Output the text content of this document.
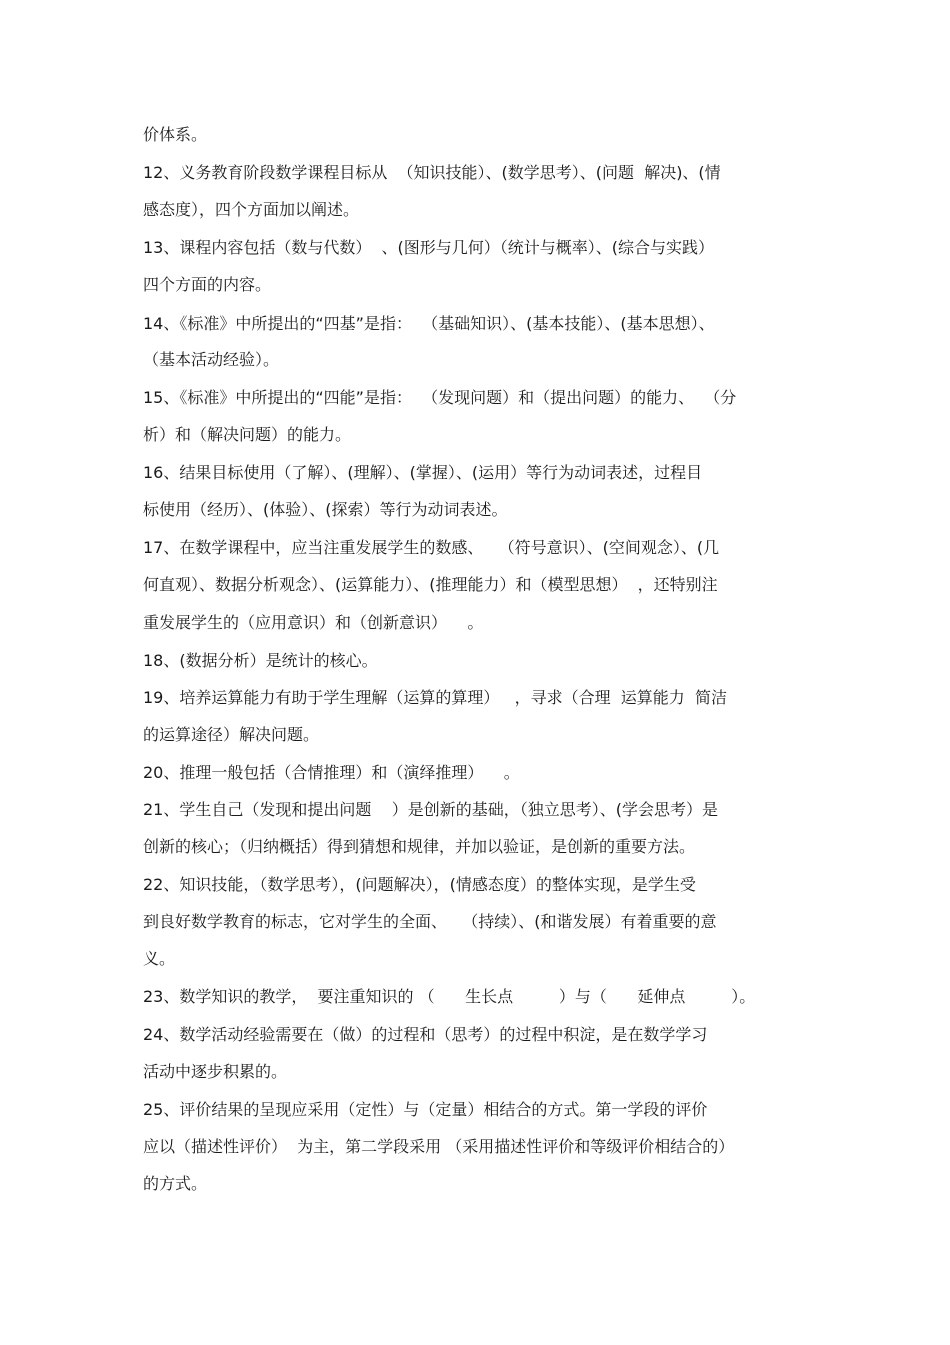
价体系。

12、义务教育阶段数学课程目标从  （知识技能）、(数学思考）、(问题  解决)、(情

感态度），四个方面加以阐述。

13、课程内容包括（数与代数）  、(图形与几何）（统计与概率）、(综合与实践）

四个方面的内容。

14、《标准》中所提出的“四基”是指：  （基础知识）、(基本技能）、(基本思想）、

（基本活动经验）。

15、《标准》中所提出的“四能”是指：  （发现问题）和（提出问题）的能力、  （分

析）和（解决问题）的能力。

16、结果目标使用（了解）、(理解）、(掌握）、(运用）等行为动词表述，过程目

标使用（经历）、(体验）、(探索）等行为动词表述。

17、在数学课程中，应当注重发展学生的数感、   （符号意识）、(空间观念）、(几

何直观）、数据分析观念）、(运算能力）、(推理能力）和（模型思想）  ，还特别注

重发展学生的（应用意识）和（创新意识）    。

18、(数据分析）是统计的核心。

19、培养运算能力有助于学生理解（运算的算理）   ，寻求（合理  运算能力  简洁

的运算途径）解决问题。

20、推理一般包括（合情推理）和（演绎推理）    。

21、学生自己（发现和提出问题    ）是创新的基础，（独立思考）、(学会思考）是

创新的核心；（归纳概括）得到猜想和规律，并加以验证，是创新的重要方法。

22、知识技能，（数学思考），(问题解决），(情感态度）的整体实现，是学生受

到良好数学教育的标志，它对学生的全面、   （持续）、(和谐发展）有着重要的意

义。

23、数学知识的教学，  要注重知识的 （      生长点         ）与（      延伸点         ）。

24、数学活动经验需要在（做）的过程和（思考）的过程中积淀，是在数学学习

活动中逐步积累的。

25、评价结果的呈现应采用（定性）与（定量）相结合的方式。第一学段的评价

应以（描述性评价）  为主，第二学段采用 （采用描述性评价和等级评价相结合的）

的方式。
